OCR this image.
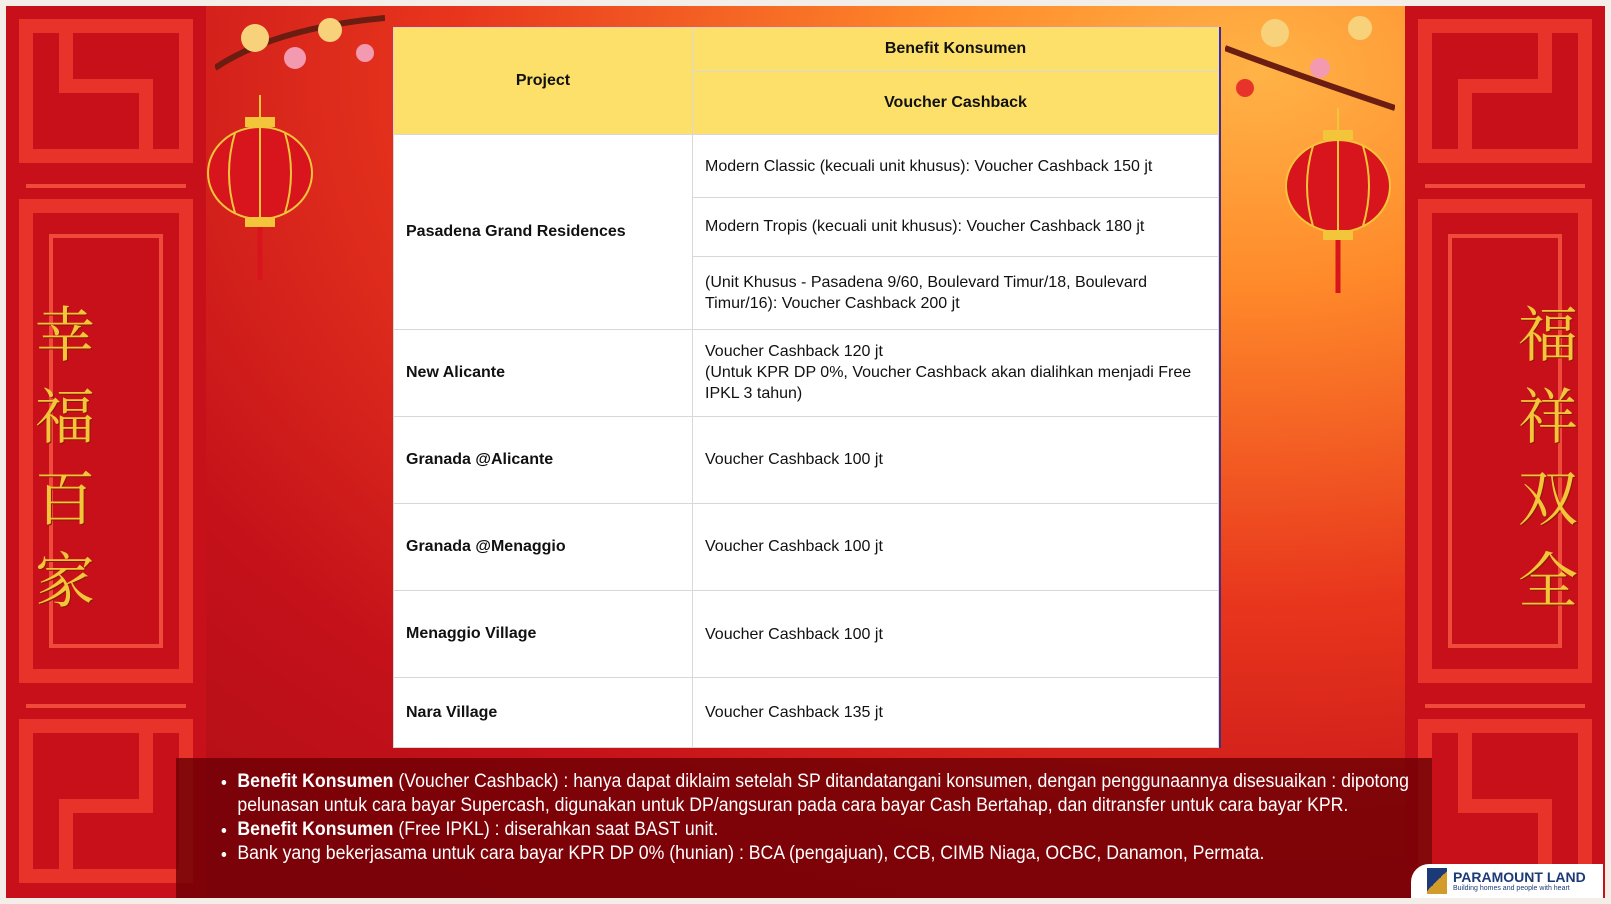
幸
福
百
家
福
祥
双
全
Project	Benefit Konsumen
	Voucher Cashback
Pasadena Grand Residences	Modern Classic (kecuali unit khusus): Voucher Cashback 150 jt
	Modern Tropis (kecuali unit khusus): Voucher Cashback 180 jt
	(Unit Khusus - Pasadena 9/60, Boulevard Timur/18, Boulevard
Timur/16): Voucher Cashback 200 jt
New Alicante	Voucher Cashback 120 jt
(Untuk KPR DP 0%, Voucher Cashback akan dialihkan menjadi Free
IPKL 3 tahun)
Granada @Alicante	Voucher Cashback 100 jt
Granada @Menaggio	Voucher Cashback 100 jt
Menaggio Village	Voucher Cashback 100 jt
Nara Village	Voucher Cashback 135 jt
• Benefit Konsumen (Voucher Cashback) : hanya dapat diklaim setelah SP ditandatangani konsumen, dengan penggunaannya disesuaikan : dipotong pelunasan untuk cara bayar Supercash, digunakan untuk DP/angsuran pada cara bayar Cash Bertahap, dan ditransfer untuk cara bayar KPR.
• Benefit Konsumen (Free IPKL) : diserahkan saat BAST unit.
• Bank yang bekerjasama untuk cara bayar KPR DP 0% (hunian) : BCA (pengajuan), CCB, CIMB Niaga, OCBC, Danamon, Permata.
PARAMOUNT LAND
Building homes and people with heart
